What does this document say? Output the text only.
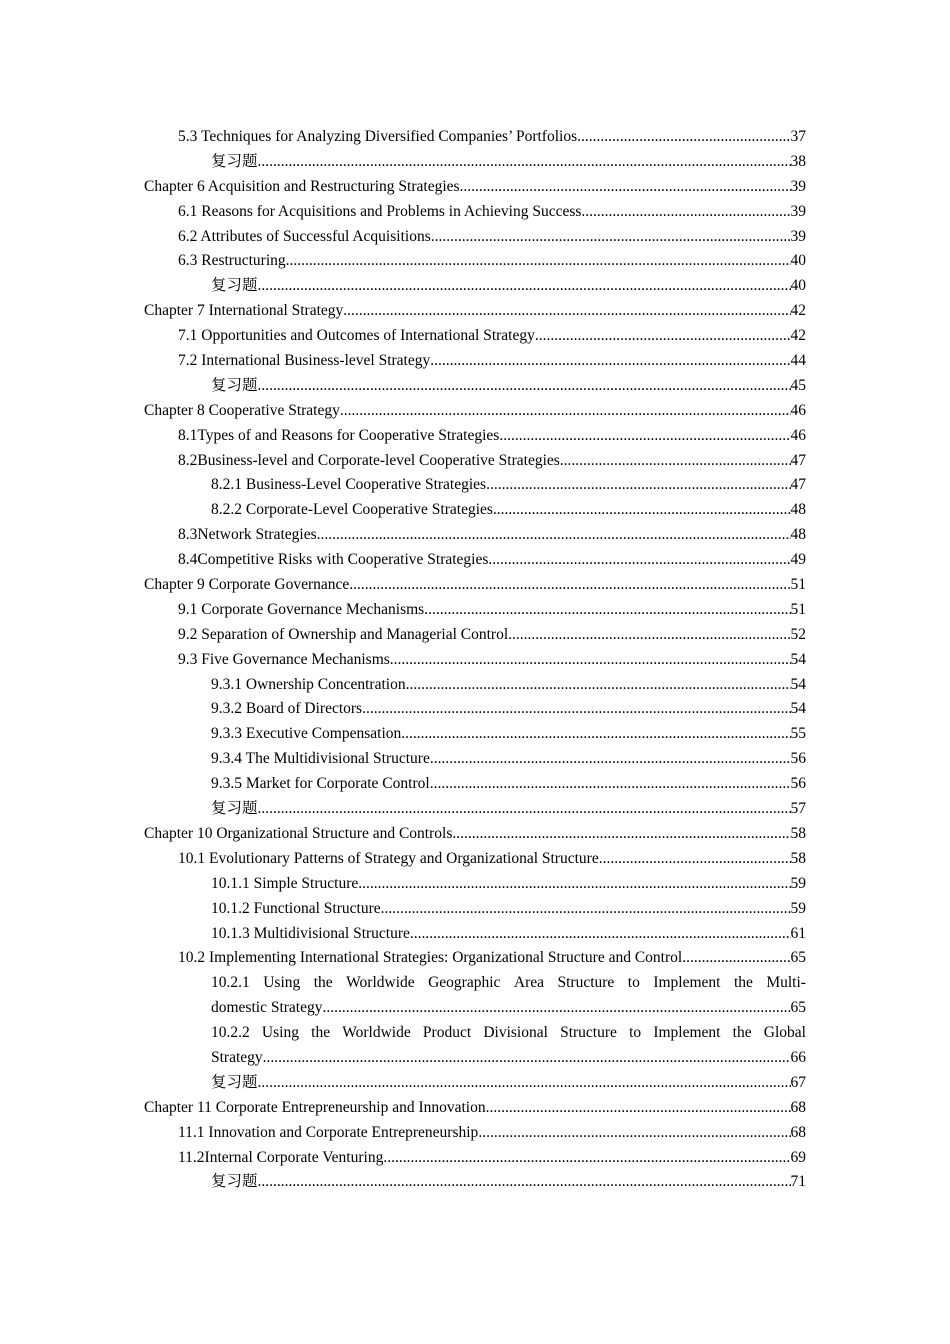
5.3 Techniques for Analyzing Diversified Companies’ Portfolios .....	37
复习题 .....	38
Chapter 6 Acquisition and Restructuring Strategies .....	39
6.1 Reasons for Acquisitions and Problems in Achieving Success .....	39
6.2 Attributes of Successful Acquisitions .....	39
6.3 Restructuring .....	40
复习题 .....	40
Chapter 7 International Strategy .....	42
7.1 Opportunities and Outcomes of International Strategy .....	42
7.2 International Business-level Strategy .....	44
复习题 .....	45
Chapter 8 Cooperative Strategy .....	46
8.1Types of and Reasons for Cooperative Strategies .....	46
8.2Business-level and Corporate-level Cooperative Strategies .....	47
8.2.1 Business-Level Cooperative Strategies .....	47
8.2.2 Corporate-Level Cooperative Strategies .....	48
8.3Network Strategies .....	48
8.4Competitive Risks with Cooperative Strategies .....	49
Chapter 9 Corporate Governance .....	51
9.1 Corporate Governance Mechanisms .....	51
9.2 Separation of Ownership and Managerial Control .....	52
9.3 Five Governance Mechanisms .....	54
9.3.1 Ownership Concentration .....	54
9.3.2 Board of Directors .....	54
9.3.3 Executive Compensation .....	55
9.3.4 The Multidivisional Structure .....	56
9.3.5 Market for Corporate Control .....	56
复习题 .....	57
Chapter 10 Organizational Structure and Controls .....	58
10.1 Evolutionary Patterns of Strategy and Organizational Structure .....	58
10.1.1 Simple Structure .....	59
10.1.2 Functional Structure .....	59
10.1.3 Multidivisional Structure .....	61
10.2 Implementing International Strategies: Organizational Structure and Control .....	65
10.2.1 Using the Worldwide Geographic Area Structure to Implement the Multi-
domestic Strategy .....	65
10.2.2 Using the Worldwide Product Divisional Structure to Implement the Global
Strategy .....	66
复习题 .....	67
Chapter 11 Corporate Entrepreneurship and Innovation .....	68
11.1 Innovation and Corporate Entrepreneurship .....	68
11.2Internal Corporate Venturing .....	69
复习题 .....	71
